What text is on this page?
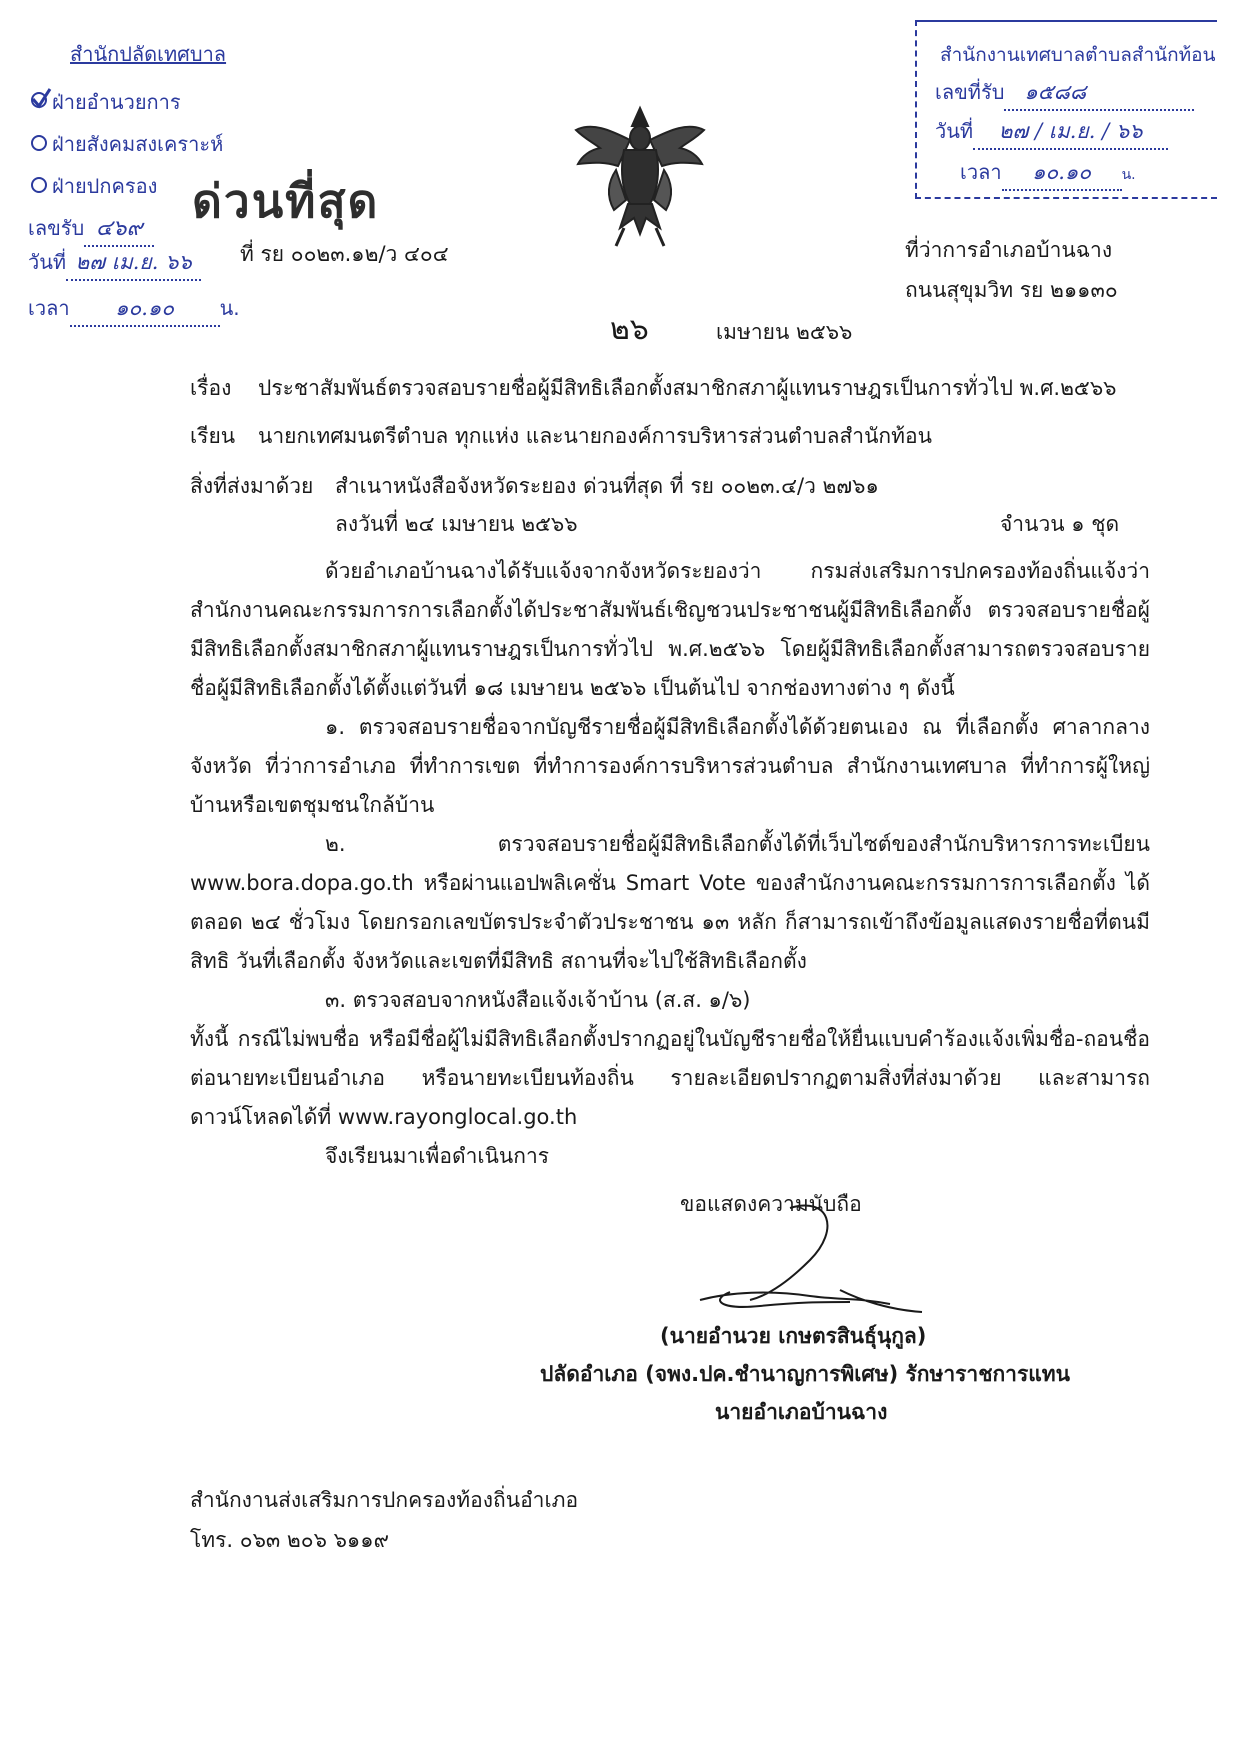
สำนักปลัดเทศบาล
ฝ่ายอำนวยการ
ฝ่ายสังคมสงเคราะห์
ฝ่ายปกครอง
เลขรับ ๔๖๙
วันที่ ๒๗ เม.ย. ๖๖
เวลา ๑๐.๑๐ น.
ด่วนที่สุด
ที่ รย ๐๐๒๓.๑๒/ว ๔๐๔
สำนักงานเทศบาลตำบลสำนักท้อน
เลขที่รับ ๑๕๘๘
วันที่ ๒๗ / เม.ย. / ๖๖
เวลา ๑๐.๑๐ น.
ที่ว่าการอำเภอบ้านฉาง
ถนนสุขุมวิท รย ๒๑๑๓๐
๒๖	เมษายน ๒๕๖๖
เรื่อง ประชาสัมพันธ์ตรวจสอบรายชื่อผู้มีสิทธิเลือกตั้งสมาชิกสภาผู้แทนราษฎรเป็นการทั่วไป พ.ศ.๒๕๖๖
เรียน นายกเทศมนตรีตำบล ทุกแห่ง และนายกองค์การบริหารส่วนตำบลสำนักท้อน
สิ่งที่ส่งมาด้วย สำเนาหนังสือจังหวัดระยอง ด่วนที่สุด ที่ รย ๐๐๒๓.๔/ว ๒๗๖๑
ลงวันที่ ๒๔ เมษายน ๒๕๖๖	จำนวน ๑ ชุด
ด้วยอำเภอบ้านฉางได้รับแจ้งจากจังหวัดระยองว่า กรมส่งเสริมการปกครองท้องถิ่นแจ้งว่า สำนักงานคณะกรรมการการเลือกตั้งได้ประชาสัมพันธ์เชิญชวนประชาชนผู้มีสิทธิเลือกตั้ง ตรวจสอบรายชื่อผู้มีสิทธิเลือกตั้งสมาชิกสภาผู้แทนราษฎรเป็นการทั่วไป พ.ศ.๒๕๖๖ โดยผู้มีสิทธิเลือกตั้งสามารถตรวจสอบรายชื่อผู้มีสิทธิเลือกตั้งได้ตั้งแต่วันที่ ๑๘ เมษายน ๒๕๖๖ เป็นต้นไป จากช่องทางต่าง ๆ ดังนี้
๑. ตรวจสอบรายชื่อจากบัญชีรายชื่อผู้มีสิทธิเลือกตั้งได้ด้วยตนเอง ณ ที่เลือกตั้ง ศาลากลางจังหวัด ที่ว่าการอำเภอ ที่ทำการเขต ที่ทำการองค์การบริหารส่วนตำบล สำนักงานเทศบาล ที่ทำการผู้ใหญ่บ้านหรือเขตชุมชนใกล้บ้าน
๒. ตรวจสอบรายชื่อผู้มีสิทธิเลือกตั้งได้ที่เว็บไซต์ของสำนักบริหารการทะเบียน www.bora.dopa.go.th หรือผ่านแอปพลิเคชั่น Smart Vote ของสำนักงานคณะกรรมการการเลือกตั้ง ได้ตลอด ๒๔ ชั่วโมง โดยกรอกเลขบัตรประจำตัวประชาชน ๑๓ หลัก ก็สามารถเข้าถึงข้อมูลแสดงรายชื่อที่ตนมีสิทธิ วันที่เลือกตั้ง จังหวัดและเขตที่มีสิทธิ สถานที่จะไปใช้สิทธิเลือกตั้ง
๓. ตรวจสอบจากหนังสือแจ้งเจ้าบ้าน (ส.ส. ๑/๖)
ทั้งนี้ กรณีไม่พบชื่อ หรือมีชื่อผู้ไม่มีสิทธิเลือกตั้งปรากฏอยู่ในบัญชีรายชื่อให้ยื่นแบบคำร้องแจ้งเพิ่มชื่อ-ถอนชื่อต่อนายทะเบียนอำเภอ หรือนายทะเบียนท้องถิ่น รายละเอียดปรากฏตามสิ่งที่ส่งมาด้วย และสามารถดาวน์โหลดได้ที่ www.rayonglocal.go.th
จึงเรียนมาเพื่อดำเนินการ
ขอแสดงความนับถือ
(นายอำนวย เกษตรสินธุ์นุกูล)
ปลัดอำเภอ (จพง.ปค.ชำนาญการพิเศษ) รักษาราชการแทน
นายอำเภอบ้านฉาง
สำนักงานส่งเสริมการปกครองท้องถิ่นอำเภอ
โทร. ๐๖๓ ๒๐๖ ๖๑๑๙
